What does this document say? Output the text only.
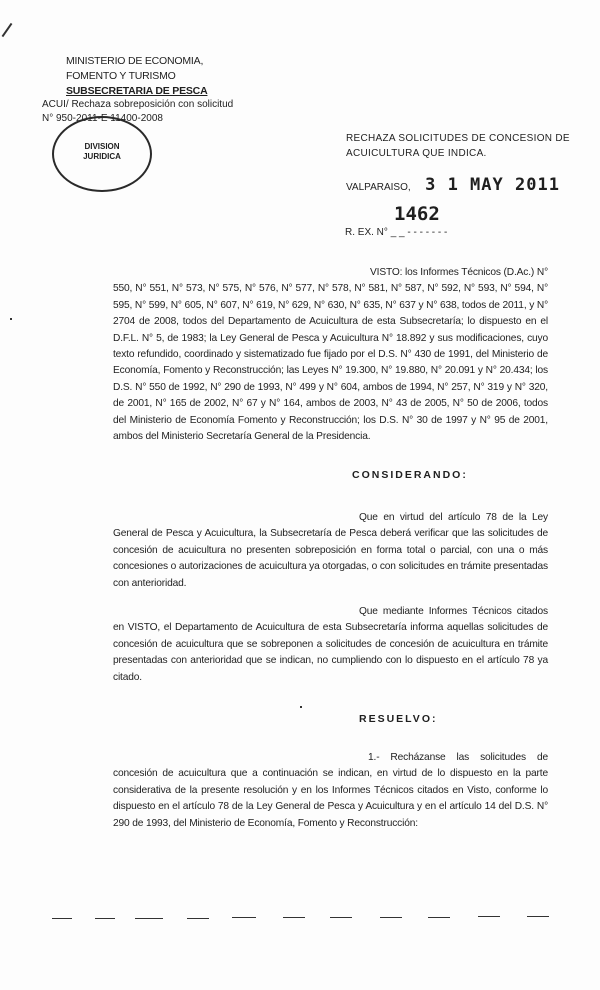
MINISTERIO DE ECONOMIA,
FOMENTO Y TURISMO
SUBSECRETARIA DE PESCA
ACUI/ Rechaza sobreposición con solicitud
N° 950-2011-E 11400-2008
DIVISION
JURIDICA
RECHAZA SOLICITUDES DE CONCESION DE
ACUICULTURA QUE INDICA.
VALPARAISO, 3 1 MAY 2011
1462
R. EX. N° _ _ - - - - - - -
VISTO: los Informes Técnicos (D.Ac.) N° 550, N° 551, N° 573, N° 575, N° 576, N° 577, N° 578, N° 581, N° 587, N° 592, N° 593, N° 594, N° 595, N° 599, N° 605, N° 607, N° 619, N° 629, N° 630, N° 635, N° 637 y N° 638, todos de 2011, y N° 2704 de 2008, todos del Departamento de Acuicultura de esta Subsecretaría; lo dispuesto en el D.F.L. N° 5, de 1983; la Ley General de Pesca y Acuicultura N° 18.892 y sus modificaciones, cuyo texto refundido, coordinado y sistematizado fue fijado por el D.S. N° 430 de 1991, del Ministerio de Economía, Fomento y Reconstrucción; las Leyes N° 19.300, N° 19.880, N° 20.091 y N° 20.434; los D.S. N° 550 de 1992, N° 290 de 1993, N° 499 y N° 604, ambos de 1994, N° 257, N° 319 y N° 320, de 2001, N° 165 de 2002, N° 67 y N° 164, ambos de 2003, N° 43 de 2005, N° 50 de 2006, todos del Ministerio de Economía Fomento y Reconstrucción; los D.S. N° 30 de 1997 y N° 95 de 2001, ambos del Ministerio Secretaría General de la Presidencia.
CONSIDERANDO:
Que en virtud del artículo 78 de la Ley General de Pesca y Acuicultura, la Subsecretaría de Pesca deberá verificar que las solicitudes de concesión de acuicultura no presenten sobreposición en forma total o parcial, con una o más concesiones o autorizaciones de acuicultura ya otorgadas, o con solicitudes en trámite presentadas con anterioridad.
Que mediante Informes Técnicos citados en VISTO, el Departamento de Acuicultura de esta Subsecretaría informa aquellas solicitudes de concesión de acuicultura que se sobreponen a solicitudes de concesión de acuicultura en trámite presentadas con anterioridad que se indican, no cumpliendo con lo dispuesto en el artículo 78 ya citado.
RESUELVO:
1.- Recházanse las solicitudes de concesión de acuicultura que a continuación se indican, en virtud de lo dispuesto en la parte considerativa de la presente resolución y en los Informes Técnicos citados en Visto, conforme lo dispuesto en el artículo 78 de la Ley General de Pesca y Acuicultura y en el artículo 14 del D.S. N° 290 de 1993, del Ministerio de Economía, Fomento y Reconstrucción:
